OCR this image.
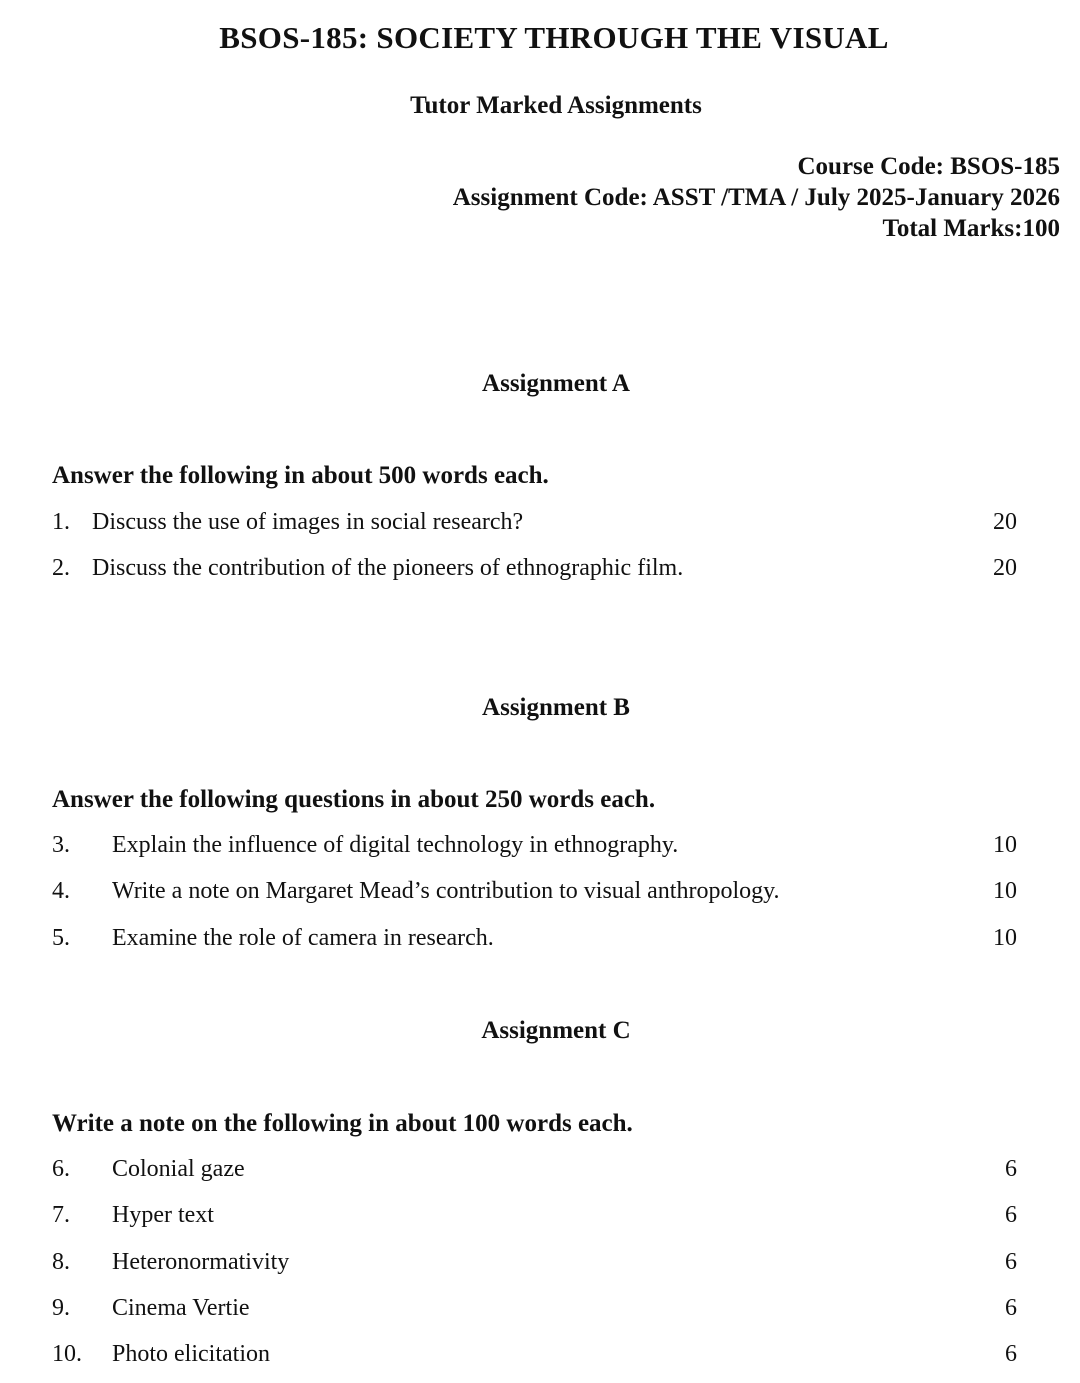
BSOS-185: SOCIETY THROUGH THE VISUAL
Tutor Marked Assignments
Course Code: BSOS-185
Assignment Code: ASST /TMA / July 2025-January 2026
Total Marks:100
Assignment A
Answer the following in about 500 words each.
1. Discuss the use of images in social research?	20
2. Discuss the contribution of the pioneers of ethnographic film.	20
Assignment B
Answer the following questions in about 250 words each.
3. Explain the influence of digital technology in ethnography.	10
4. Write a note on Margaret Mead’s contribution to visual anthropology.	10
5. Examine the role of camera in research.	10
Assignment C
Write a note on the following in about 100 words each.
6. Colonial gaze	6
7. Hyper text	6
8. Heteronormativity	6
9. Cinema Vertie	6
10. Photo elicitation	6
